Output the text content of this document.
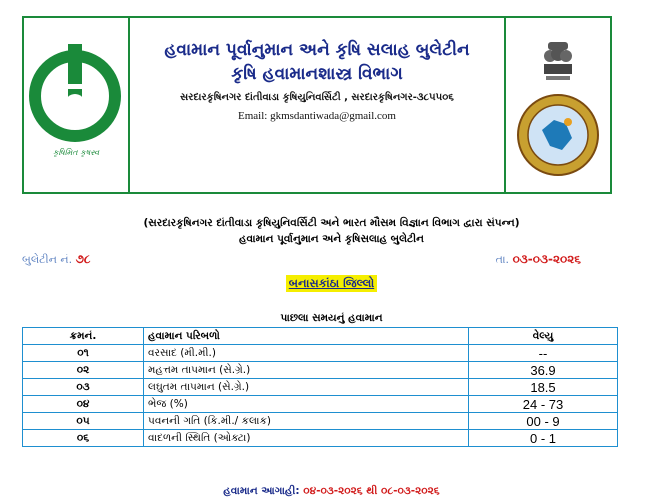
કૃષિમિત કૃષસ્વ
હવામાન પૂર્વાનુમાન અને કૃષિ સલાહ બુલેટીન
કૃષિ હવામાનશાસ્ત્ર વિભાગ
સરદારકૃષિનગર દાંતીવાડા કૃષિયુનિવર્સિટી , સરદારકૃષિનગર-૩૮૫૫૦૬
Email: gkmsdantiwada@gmail.com
(સરદારકૃષિનગર દાંતીવાડા કૃષિયુનિવર્સિટી અને ભારત મૌસમ વિજ્ઞાન વિભાગ દ્વારા સંપન્ન)
હવામાન પૂર્વાનુમાન અને કૃષિસલાહ બુલેટીન
બુલેટીન નં. ૭૮	તા. ૦૩-૦૩-૨૦૨૬
બનાસકાંઠા જિલ્લો
પાછલા સમયનું હવામાન
ક્રમનં.	હવામાન પરિબળો	વેલ્યુ
૦૧	વરસાદ (મી.મી.)	--
૦૨	મહત્તમ તાપમાન (સે.ગ્રે.)	36.9
૦૩	લઘુતમ તાપમાન (સે.ગ્રે.)	18.5
૦૪	ભેજ (%)	24 - 73
૦૫	પવનની ગતિ (કિ.મી./ કલાક)	00 - 9
૦૬	વાદળની સ્થિતિ (ઓક્ટા)	0 - 1
હવામાન આગાહી: ૦૪-૦૩-૨૦૨૬ થી ૦૮-૦૩-૨૦૨૬
